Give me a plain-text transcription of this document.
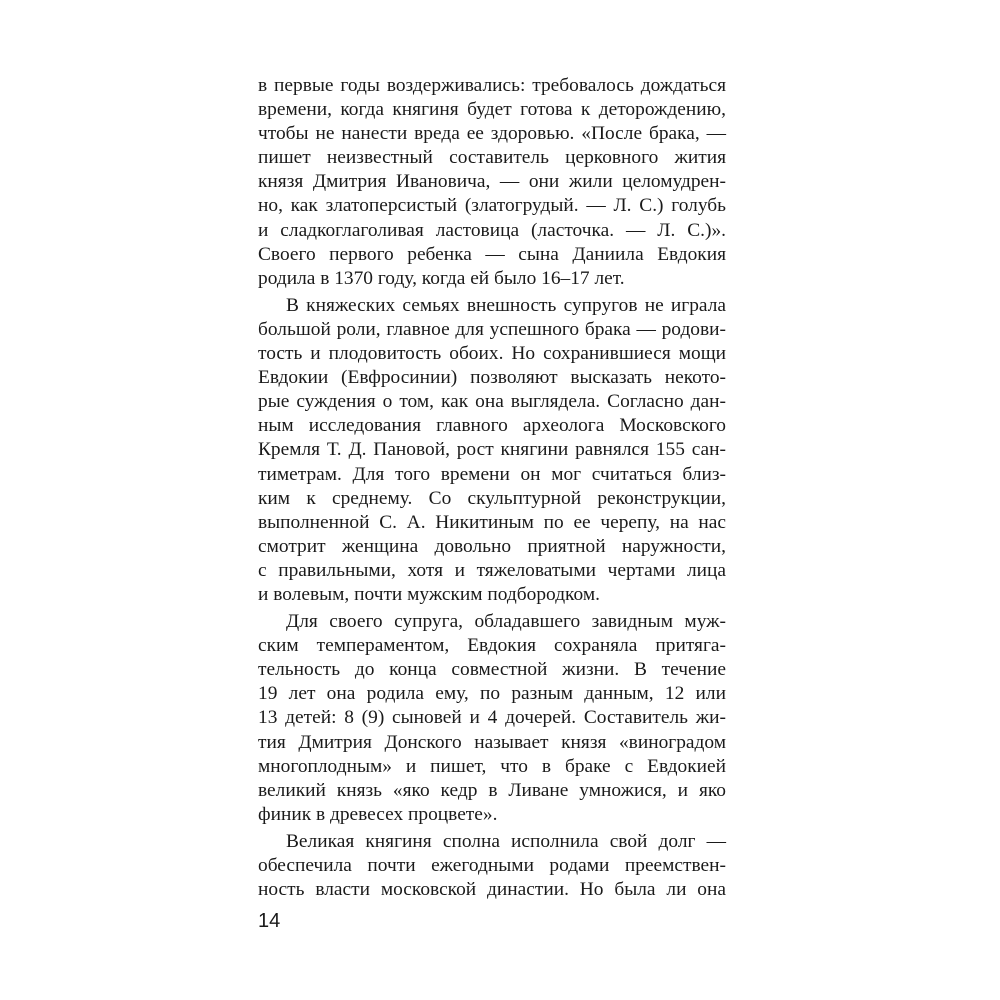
в первые годы воздерживались: требовалось дождаться
времени, когда княгиня будет готова к деторождению,
чтобы не нанести вреда ее здоровью. «После брака, —
пишет неизвестный составитель церковного жития
князя Дмитрия Ивановича, — они жили целомудрен-
но, как златоперсистый (златогрудый. — Л. С.) голубь
и сладкоглаголивая ластовица (ласточка. — Л. С.)».
Своего первого ребенка — сына Даниила Евдокия
родила в 1370 году, когда ей было 16–17 лет.
В княжеских семьях внешность супругов не играла
большой роли, главное для успешного брака — родови-
тость и плодовитость обоих. Но сохранившиеся мощи
Евдокии (Евфросинии) позволяют высказать некото-
рые суждения о том, как она выглядела. Согласно дан-
ным исследования главного археолога Московского
Кремля Т. Д. Пановой, рост княгини равнялся 155 сан-
тиметрам. Для того времени он мог считаться близ-
ким к среднему. Со скульптурной реконструкции,
выполненной С. А. Никитиным по ее черепу, на нас
смотрит женщина довольно приятной наружности,
с правильными, хотя и тяжеловатыми чертами лица
и волевым, почти мужским подбородком.
Для своего супруга, обладавшего завидным муж-
ским темпераментом, Евдокия сохраняла притяга-
тельность до конца совместной жизни. В течение
19 лет она родила ему, по разным данным, 12 или
13 детей: 8 (9) сыновей и 4 дочерей. Составитель жи-
тия Дмитрия Донского называет князя «виноградом
многоплодным» и пишет, что в браке с Евдокией
великий князь «яко кедр в Ливане умножися, и яко
финик в древесех процвете».
Великая княгиня сполна исполнила свой долг —
обеспечила почти ежегодными родами преемствен-
ность власти московской династии. Но была ли она
14
